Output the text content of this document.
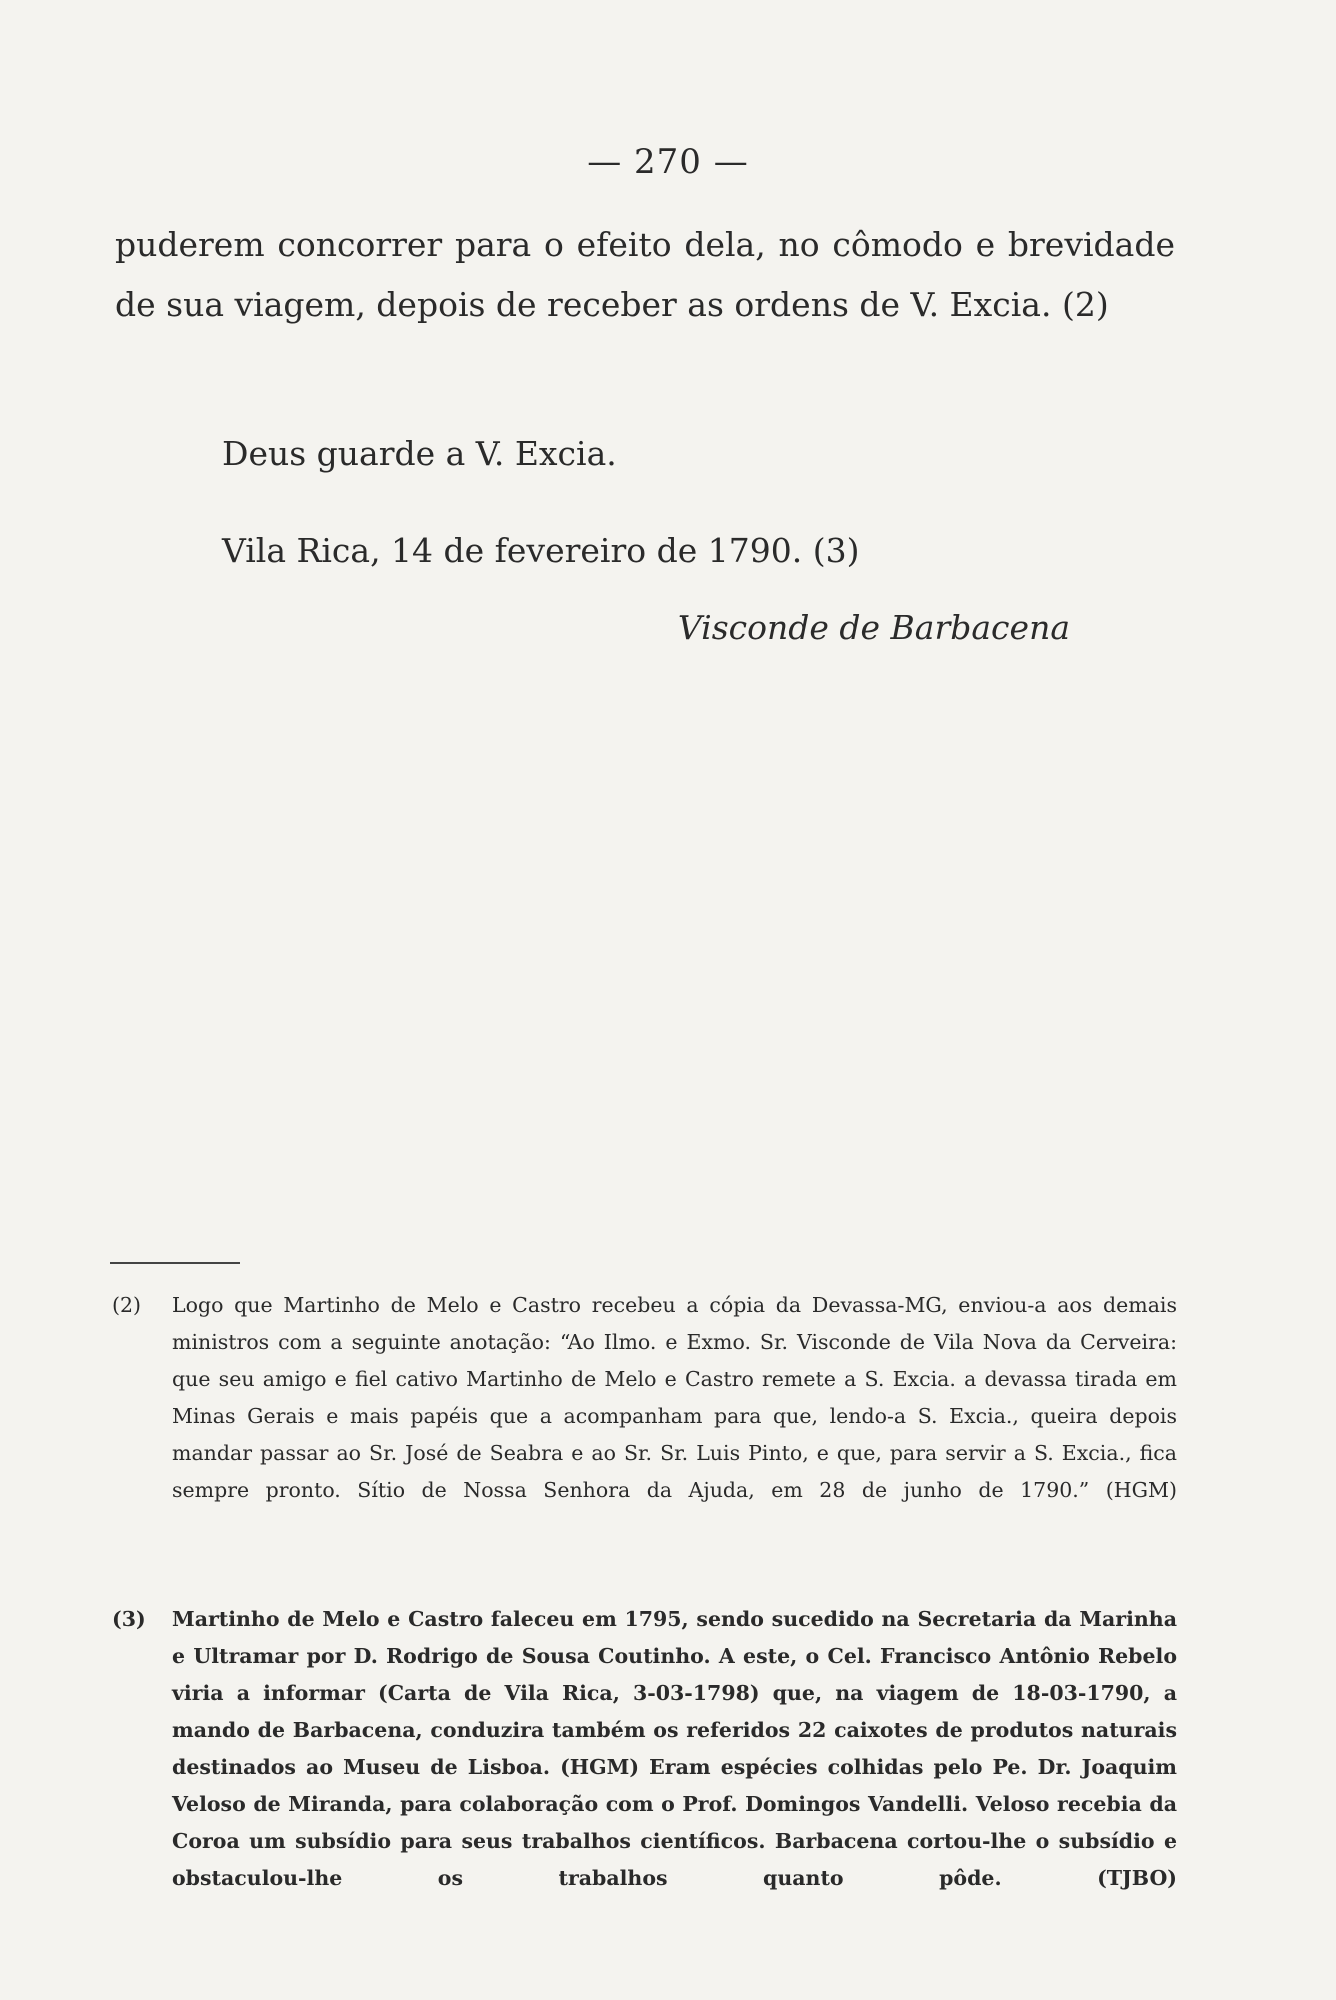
— 270 —

puderem concorrer para o efeito dela, no cômodo e brevidade de sua viagem, depois de receber as ordens de V. Excia. (2)

Deus guarde a V. Excia.
Vila Rica, 14 de fevereiro de 1790. (3)
Visconde de Barbacena
(2) Logo que Martinho de Melo e Castro recebeu a cópia da Devassa-MG, enviou-a aos demais ministros com a seguinte anotação: “Ao Ilmo. e Exmo. Sr. Visconde de Vila Nova da Cerveira: que seu amigo e fiel cativo Martinho de Melo e Castro remete a S. Excia. a devassa tirada em Minas Gerais e mais papéis que a acompanham para que, lendo-a S. Excia., queira depois mandar passar ao Sr. José de Seabra e ao Sr. Sr. Luis Pinto, e que, para servir a S. Excia., fica sempre pronto. Sítio de Nossa Senhora da Ajuda, em 28 de junho de 1790.” (HGM)
(3) Martinho de Melo e Castro faleceu em 1795, sendo sucedido na Secretaria da Marinha e Ultramar por D. Rodrigo de Sousa Coutinho. A este, o Cel. Francisco Antônio Rebelo viria a informar (Carta de Vila Rica, 3-03-1798) que, na viagem de 18-03-1790, a mando de Barbacena, conduzira também os referidos 22 caixotes de produtos naturais destinados ao Museu de Lisboa. (HGM) Eram espécies colhidas pelo Pe. Dr. Joaquim Veloso de Miranda, para colaboração com o Prof. Domingos Vandelli. Veloso recebia da Coroa um subsídio para seus trabalhos científicos. Barbacena cortou-lhe o subsídio e obstaculou-lhe os trabalhos quanto pôde. (TJBO)
